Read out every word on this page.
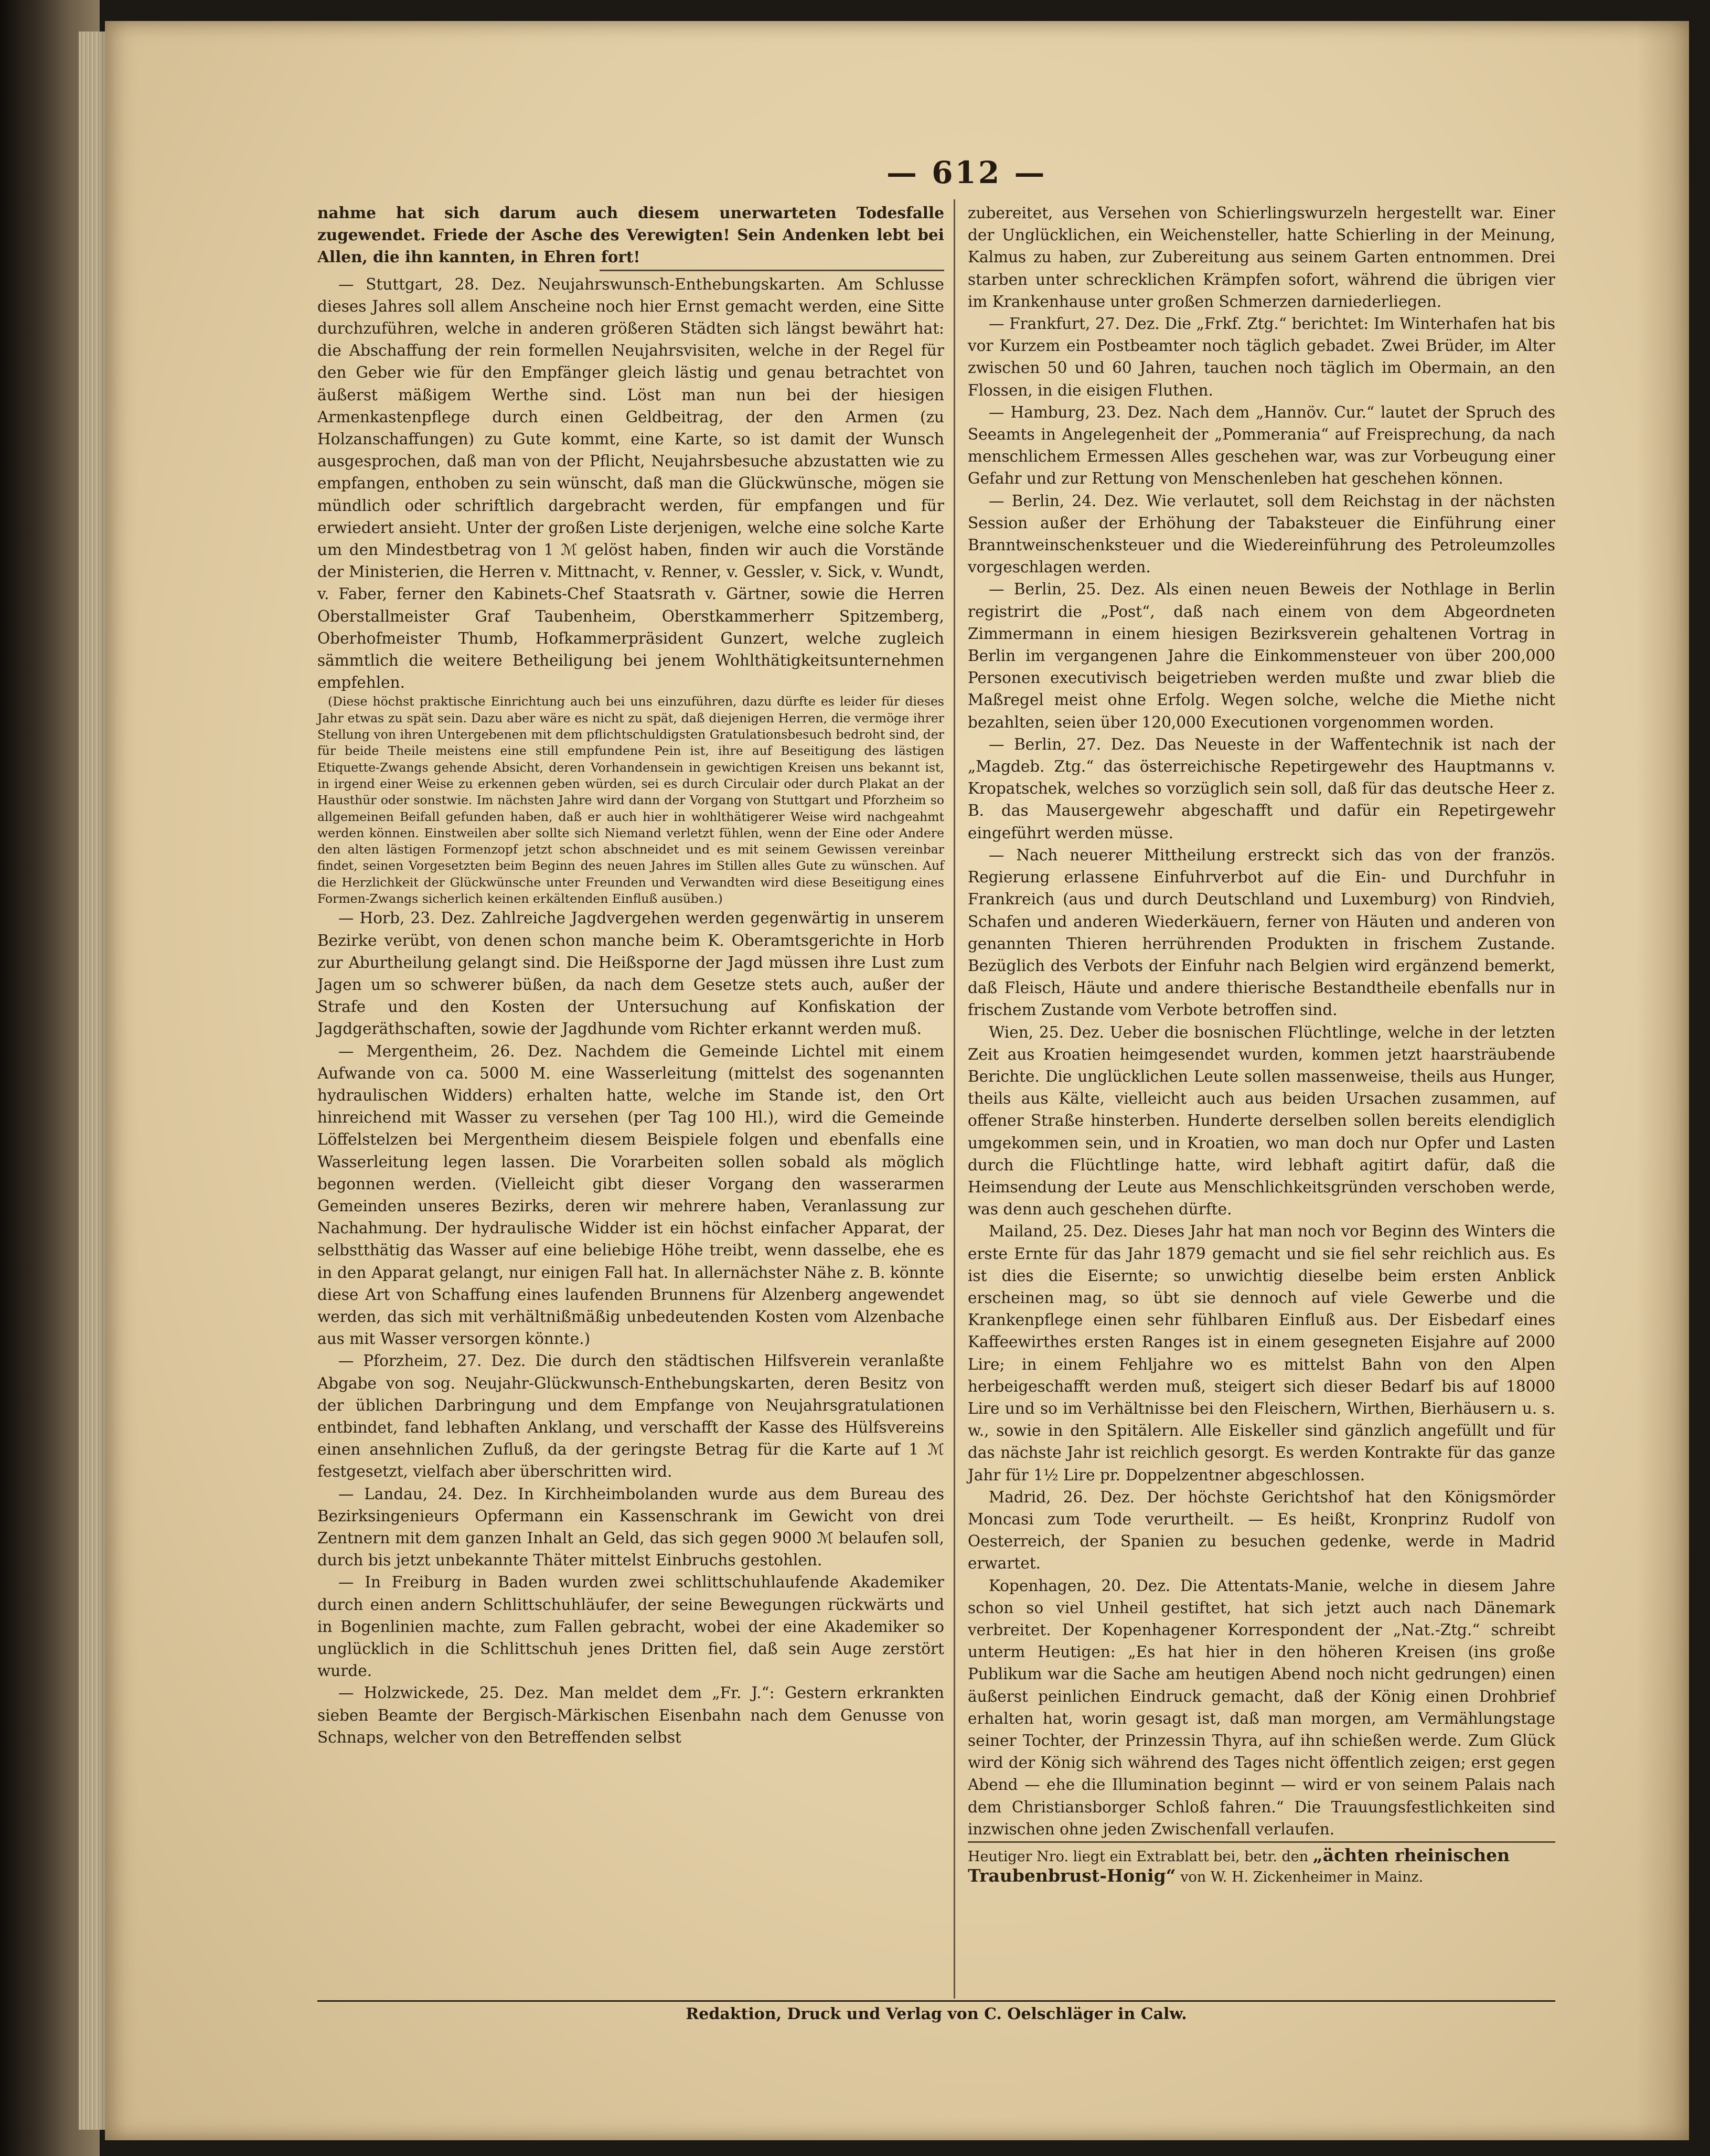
— 612 —

nahme hat sich darum auch diesem unerwarteten Todesfalle zugewendet. Friede der Asche des Verewigten! Sein Andenken lebt bei Allen, die ihn kannten, in Ehren fort!

— Stuttgart, 28. Dez. Neujahrswunsch-Enthebungskarten. Am Schlusse dieses Jahres soll allem Anscheine noch hier Ernst gemacht werden, eine Sitte durchzuführen, welche in anderen größeren Städten sich längst bewährt hat: die Abschaffung der rein formellen Neujahrsvisiten, welche in der Regel für den Geber wie für den Empfänger gleich lästig und genau betrachtet von äußerst mäßigem Werthe sind. Löst man nun bei der hiesigen Armenkastenpflege durch einen Geldbeitrag, der den Armen (zu Holzanschaffungen) zu Gute kommt, eine Karte, so ist damit der Wunsch ausgesprochen, daß man von der Pflicht, Neujahrsbesuche abzustatten wie zu empfangen, enthoben zu sein wünscht, daß man die Glückwünsche, mögen sie mündlich oder schriftlich dargebracht werden, für empfangen und für erwiedert ansieht. Unter der großen Liste derjenigen, welche eine solche Karte um den Mindestbetrag von 1 ℳ gelöst haben, finden wir auch die Vorstände der Ministerien, die Herren v. Mittnacht, v. Renner, v. Gessler, v. Sick, v. Wundt, v. Faber, ferner den Kabinets-Chef Staatsrath v. Gärtner, sowie die Herren Oberstallmeister Graf Taubenheim, Oberstkammerherr Spitzemberg, Oberhofmeister Thumb, Hofkammerpräsident Gunzert, welche zugleich sämmtlich die weitere Betheiligung bei jenem Wohlthätigkeitsunternehmen empfehlen.

(Diese höchst praktische Einrichtung auch bei uns einzuführen, dazu dürfte es leider für dieses Jahr etwas zu spät sein. Dazu aber wäre es nicht zu spät, daß diejenigen Herren, die vermöge ihrer Stellung von ihren Untergebenen mit dem pflichtschuldigsten Gratulationsbesuch bedroht sind, der für beide Theile meistens eine still empfundene Pein ist, ihre auf Beseitigung des lästigen Etiquette-Zwangs gehende Absicht, deren Vorhandensein in gewichtigen Kreisen uns bekannt ist, in irgend einer Weise zu erkennen geben würden, sei es durch Circulair oder durch Plakat an der Hausthür oder sonstwie. Im nächsten Jahre wird dann der Vorgang von Stuttgart und Pforzheim so allgemeinen Beifall gefunden haben, daß er auch hier in wohlthätigerer Weise wird nachgeahmt werden können. Einstweilen aber sollte sich Niemand verletzt fühlen, wenn der Eine oder Andere den alten lästigen Formenzopf jetzt schon abschneidet und es mit seinem Gewissen vereinbar findet, seinen Vorgesetzten beim Beginn des neuen Jahres im Stillen alles Gute zu wünschen. Auf die Herzlichkeit der Glückwünsche unter Freunden und Verwandten wird diese Beseitigung eines Formen-Zwangs sicherlich keinen erkältenden Einfluß ausüben.)

— Horb, 23. Dez. Zahlreiche Jagdvergehen werden gegenwärtig in unserem Bezirke verübt, von denen schon manche beim K. Oberamtsgerichte in Horb zur Aburtheilung gelangt sind. Die Heißsporne der Jagd müssen ihre Lust zum Jagen um so schwerer büßen, da nach dem Gesetze stets auch, außer der Strafe und den Kosten der Untersuchung auf Konfiskation der Jagdgeräthschaften, sowie der Jagdhunde vom Richter erkannt werden muß.

— Mergentheim, 26. Dez. Nachdem die Gemeinde Lichtel mit einem Aufwande von ca. 5000 M. eine Wasserleitung (mittelst des sogenannten hydraulischen Widders) erhalten hatte, welche im Stande ist, den Ort hinreichend mit Wasser zu versehen (per Tag 100 Hl.), wird die Gemeinde Löffelstelzen bei Mergentheim diesem Beispiele folgen und ebenfalls eine Wasserleitung legen lassen. Die Vorarbeiten sollen sobald als möglich begonnen werden. (Vielleicht gibt dieser Vorgang den wasserarmen Gemeinden unseres Bezirks, deren wir mehrere haben, Veranlassung zur Nachahmung. Der hydraulische Widder ist ein höchst einfacher Apparat, der selbstthätig das Wasser auf eine beliebige Höhe treibt, wenn dasselbe, ehe es in den Apparat gelangt, nur einigen Fall hat. In allernächster Nähe z. B. könnte diese Art von Schaffung eines laufenden Brunnens für Alzenberg angewendet werden, das sich mit verhältnißmäßig unbedeutenden Kosten vom Alzenbache aus mit Wasser versorgen könnte.)

— Pforzheim, 27. Dez. Die durch den städtischen Hilfsverein veranlaßte Abgabe von sog. Neujahr-Glückwunsch-Enthebungskarten, deren Besitz von der üblichen Darbringung und dem Empfange von Neujahrsgratulationen entbindet, fand lebhaften Anklang, und verschafft der Kasse des Hülfsvereins einen ansehnlichen Zufluß, da der geringste Betrag für die Karte auf 1 ℳ festgesetzt, vielfach aber überschritten wird.

— Landau, 24. Dez. In Kirchheimbolanden wurde aus dem Bureau des Bezirksingenieurs Opfermann ein Kassenschrank im Gewicht von drei Zentnern mit dem ganzen Inhalt an Geld, das sich gegen 9000 ℳ belaufen soll, durch bis jetzt unbekannte Thäter mittelst Einbruchs gestohlen.

— In Freiburg in Baden wurden zwei schlittschuhlaufende Akademiker durch einen andern Schlittschuhläufer, der seine Bewegungen rückwärts und in Bogenlinien machte, zum Fallen gebracht, wobei der eine Akademiker so unglücklich in die Schlittschuh jenes Dritten fiel, daß sein Auge zerstört wurde.

— Holzwickede, 25. Dez. Man meldet dem „Fr. J.“: Gestern erkrankten sieben Beamte der Bergisch-Märkischen Eisenbahn nach dem Genusse von Schnaps, welcher von den Betreffenden selbst

zubereitet, aus Versehen von Schierlingswurzeln hergestellt war. Einer der Unglücklichen, ein Weichensteller, hatte Schierling in der Meinung, Kalmus zu haben, zur Zubereitung aus seinem Garten entnommen. Drei starben unter schrecklichen Krämpfen sofort, während die übrigen vier im Krankenhause unter großen Schmerzen darniederliegen.

— Frankfurt, 27. Dez. Die „Frkf. Ztg.“ berichtet: Im Winterhafen hat bis vor Kurzem ein Postbeamter noch täglich gebadet. Zwei Brüder, im Alter zwischen 50 und 60 Jahren, tauchen noch täglich im Obermain, an den Flossen, in die eisigen Fluthen.

— Hamburg, 23. Dez. Nach dem „Hannöv. Cur.“ lautet der Spruch des Seeamts in Angelegenheit der „Pommerania“ auf Freisprechung, da nach menschlichem Ermessen Alles geschehen war, was zur Vorbeugung einer Gefahr und zur Rettung von Menschenleben hat geschehen können.

— Berlin, 24. Dez. Wie verlautet, soll dem Reichstag in der nächsten Session außer der Erhöhung der Tabaksteuer die Einführung einer Branntweinschenksteuer und die Wiedereinführung des Petroleumzolles vorgeschlagen werden.

— Berlin, 25. Dez. Als einen neuen Beweis der Nothlage in Berlin registrirt die „Post“, daß nach einem von dem Abgeordneten Zimmermann in einem hiesigen Bezirksverein gehaltenen Vortrag in Berlin im vergangenen Jahre die Einkommensteuer von über 200,000 Personen executivisch beigetrieben werden mußte und zwar blieb die Maßregel meist ohne Erfolg. Wegen solche, welche die Miethe nicht bezahlten, seien über 120,000 Executionen vorgenommen worden.

— Berlin, 27. Dez. Das Neueste in der Waffentechnik ist nach der „Magdeb. Ztg.“ das österreichische Repetirgewehr des Hauptmanns v. Kropatschek, welches so vorzüglich sein soll, daß für das deutsche Heer z. B. das Mausergewehr abgeschafft und dafür ein Repetirgewehr eingeführt werden müsse.

— Nach neuerer Mittheilung erstreckt sich das von der französ. Regierung erlassene Einfuhrverbot auf die Ein- und Durchfuhr in Frankreich (aus und durch Deutschland und Luxemburg) von Rindvieh, Schafen und anderen Wiederkäuern, ferner von Häuten und anderen von genannten Thieren herrührenden Produkten in frischem Zustande. Bezüglich des Verbots der Einfuhr nach Belgien wird ergänzend bemerkt, daß Fleisch, Häute und andere thierische Bestandtheile ebenfalls nur in frischem Zustande vom Verbote betroffen sind.

Wien, 25. Dez. Ueber die bosnischen Flüchtlinge, welche in der letzten Zeit aus Kroatien heimgesendet wurden, kommen jetzt haarsträubende Berichte. Die unglücklichen Leute sollen massenweise, theils aus Hunger, theils aus Kälte, vielleicht auch aus beiden Ursachen zusammen, auf offener Straße hinsterben. Hunderte derselben sollen bereits elendiglich umgekommen sein, und in Kroatien, wo man doch nur Opfer und Lasten durch die Flüchtlinge hatte, wird lebhaft agitirt dafür, daß die Heimsendung der Leute aus Menschlichkeitsgründen verschoben werde, was denn auch geschehen dürfte.

Mailand, 25. Dez. Dieses Jahr hat man noch vor Beginn des Winters die erste Ernte für das Jahr 1879 gemacht und sie fiel sehr reichlich aus. Es ist dies die Eisernte; so unwichtig dieselbe beim ersten Anblick erscheinen mag, so übt sie dennoch auf viele Gewerbe und die Krankenpflege einen sehr fühlbaren Einfluß aus. Der Eisbedarf eines Kaffeewirthes ersten Ranges ist in einem gesegneten Eisjahre auf 2000 Lire; in einem Fehljahre wo es mittelst Bahn von den Alpen herbeigeschafft werden muß, steigert sich dieser Bedarf bis auf 18000 Lire und so im Verhältnisse bei den Fleischern, Wirthen, Bierhäusern u. s. w., sowie in den Spitälern. Alle Eiskeller sind gänzlich angefüllt und für das nächste Jahr ist reichlich gesorgt. Es werden Kontrakte für das ganze Jahr für 1½ Lire pr. Doppelzentner abgeschlossen.

Madrid, 26. Dez. Der höchste Gerichtshof hat den Königsmörder Moncasi zum Tode verurtheilt. — Es heißt, Kronprinz Rudolf von Oesterreich, der Spanien zu besuchen gedenke, werde in Madrid erwartet.

Kopenhagen, 20. Dez. Die Attentats-Manie, welche in diesem Jahre schon so viel Unheil gestiftet, hat sich jetzt auch nach Dänemark verbreitet. Der Kopenhagener Korrespondent der „Nat.-Ztg.“ schreibt unterm Heutigen: „Es hat hier in den höheren Kreisen (ins große Publikum war die Sache am heutigen Abend noch nicht gedrungen) einen äußerst peinlichen Eindruck gemacht, daß der König einen Drohbrief erhalten hat, worin gesagt ist, daß man morgen, am Vermählungstage seiner Tochter, der Prinzessin Thyra, auf ihn schießen werde. Zum Glück wird der König sich während des Tages nicht öffentlich zeigen; erst gegen Abend — ehe die Illumination beginnt — wird er von seinem Palais nach dem Christiansborger Schloß fahren.“ Die Trauungsfestlichkeiten sind inzwischen ohne jeden Zwischenfall verlaufen.

Heutiger Nro. liegt ein Extrablatt bei, betr. den „ächten rheinischen
Traubenbrust-Honig“ von W. H. Zickenheimer in Mainz.
Redaktion, Druck und Verlag von C. Oelschläger in Calw.
